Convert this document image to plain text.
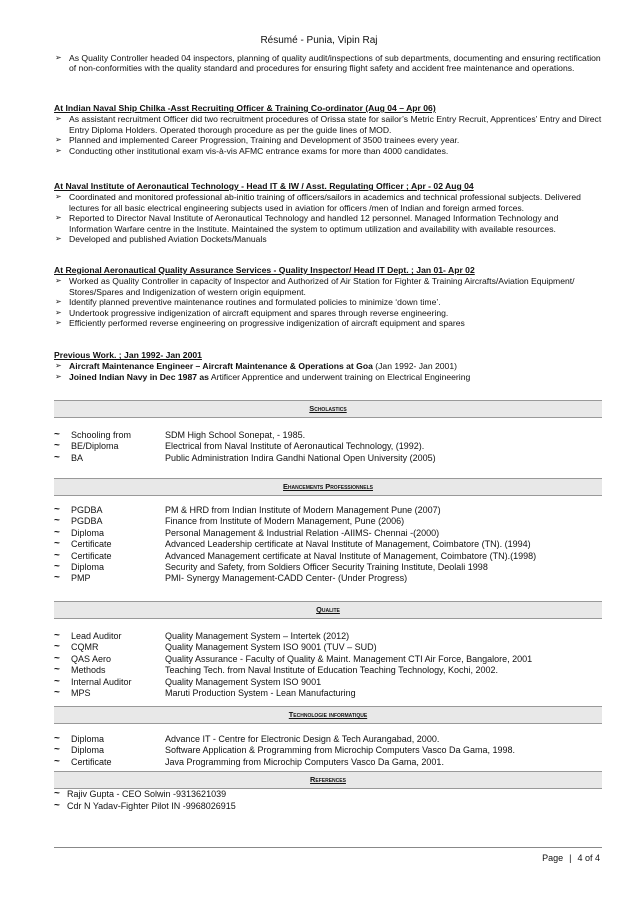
Résumé - Punia, Vipin Raj
➢ As Quality Controller headed 04 inspectors, planning of quality audit/inspections of sub departments, documenting and ensuring rectification of non-conformities with the quality standard and procedures for ensuring flight safety and accident free maintenance and operations.
At Indian Naval Ship Chilka -Asst Recruiting Officer & Training Co-ordinator (Aug 04 – Apr 06)
➢ As assistant recruitment Officer did two recruitment procedures of Orissa state for sailor’s Metric Entry Recruit, Apprentices’ Entry and Direct Entry Diploma Holders. Operated thorough procedure as per the guide lines of MOD.
➢ Planned and implemented Career Progression, Training and Development of 3500 trainees every year.
➢ Conducting other institutional exam vis-à-vis AFMC entrance exams for more than 4000 candidates.
At Naval Institute of Aeronautical Technology - Head IT & IW / Asst. Regulating Officer ; Apr - 02 Aug 04
➢ Coordinated and monitored professional ab-initio training of officers/sailors in academics and technical professional subjects. Delivered lectures for all basic electrical engineering subjects used in aviation for officers /men of Indian and foreign armed forces.
➢ Reported to Director Naval Institute of Aeronautical Technology and handled 12 personnel. Managed Information Technology and Information Warfare centre in the Institute. Maintained the system to optimum utilization and availability with available resources.
➢ Developed and published Aviation Dockets/Manuals
At Regional Aeronautical Quality Assurance Services - Quality Inspector/ Head IT Dept. ; Jan 01- Apr 02
➢ Worked as Quality Controller in capacity of Inspector and Authorized of Air Station for Fighter & Training Aircrafts/Aviation Equipment/ Stores/Spares and Indigenization of western origin equipment.
➢ Identify planned preventive maintenance routines and formulated policies to minimize ‘down time’.
➢ Undertook progressive indigenization of aircraft equipment and spares through reverse engineering.
➢ Efficiently performed reverse engineering on progressive indigenization of aircraft equipment and spares
Previous Work. ; Jan 1992- Jan 2001
➢ Aircraft Maintenance Engineer – Aircraft Maintenance & Operations at Goa (Jan 1992- Jan 2001)
➢ Joined Indian Navy in Dec 1987 as Artificer Apprentice and underwent training on Electrical Engineering
Scholastics
~ Schooling from	SDM High School Sonepat, - 1985.
~ BE/Diploma	Electrical from Naval Institute of Aeronautical Technology, (1992).
~ BA	Public Administration Indira Gandhi National Open University (2005)
Ehancements Professionnels
~ PGDBA	PM & HRD from Indian Institute of Modern Management Pune (2007)
~ PGDBA	Finance from Institute of Modern Management, Pune (2006)
~ Diploma	Personal Management & Industrial Relation -AIIMS- Chennai -(2000)
~ Certificate	Advanced Leadership certificate at Naval Institute of Management, Coimbatore (TN). (1994)
~ Certificate	Advanced Management certificate at Naval Institute of Management, Coimbatore (TN).(1998)
~ Diploma	Security and Safety, from Soldiers Officer Security Training Institute, Deolali 1998
~ PMP	PMI- Synergy Management-CADD Center- (Under Progress)
Qualite
~ Lead Auditor	Quality Management System – Intertek (2012)
~ CQMR	Quality Management System ISO 9001 (TUV – SUD)
~ QAS Aero	Quality Assurance - Faculty of Quality & Maint. Management CTI Air Force, Bangalore, 2001
~ Methods	Teaching Tech. from Naval Institute of Education Teaching Technology, Kochi, 2002.
~ Internal Auditor	Quality Management System ISO 9001
~ MPS	Maruti Production System - Lean Manufacturing
Technologie informatique
~ Diploma	Advance IT - Centre for Electronic Design & Tech Aurangabad, 2000.
~ Diploma	Software Application & Programming from Microchip Computers Vasco Da Gama, 1998.
~ Certificate	Java Programming from Microchip Computers Vasco Da Gama, 2001.
References
~ Rajiv Gupta - CEO Solwin -9313621039
~ Cdr N Yadav-Fighter Pilot IN -9968026915
Page | 4 of 4
